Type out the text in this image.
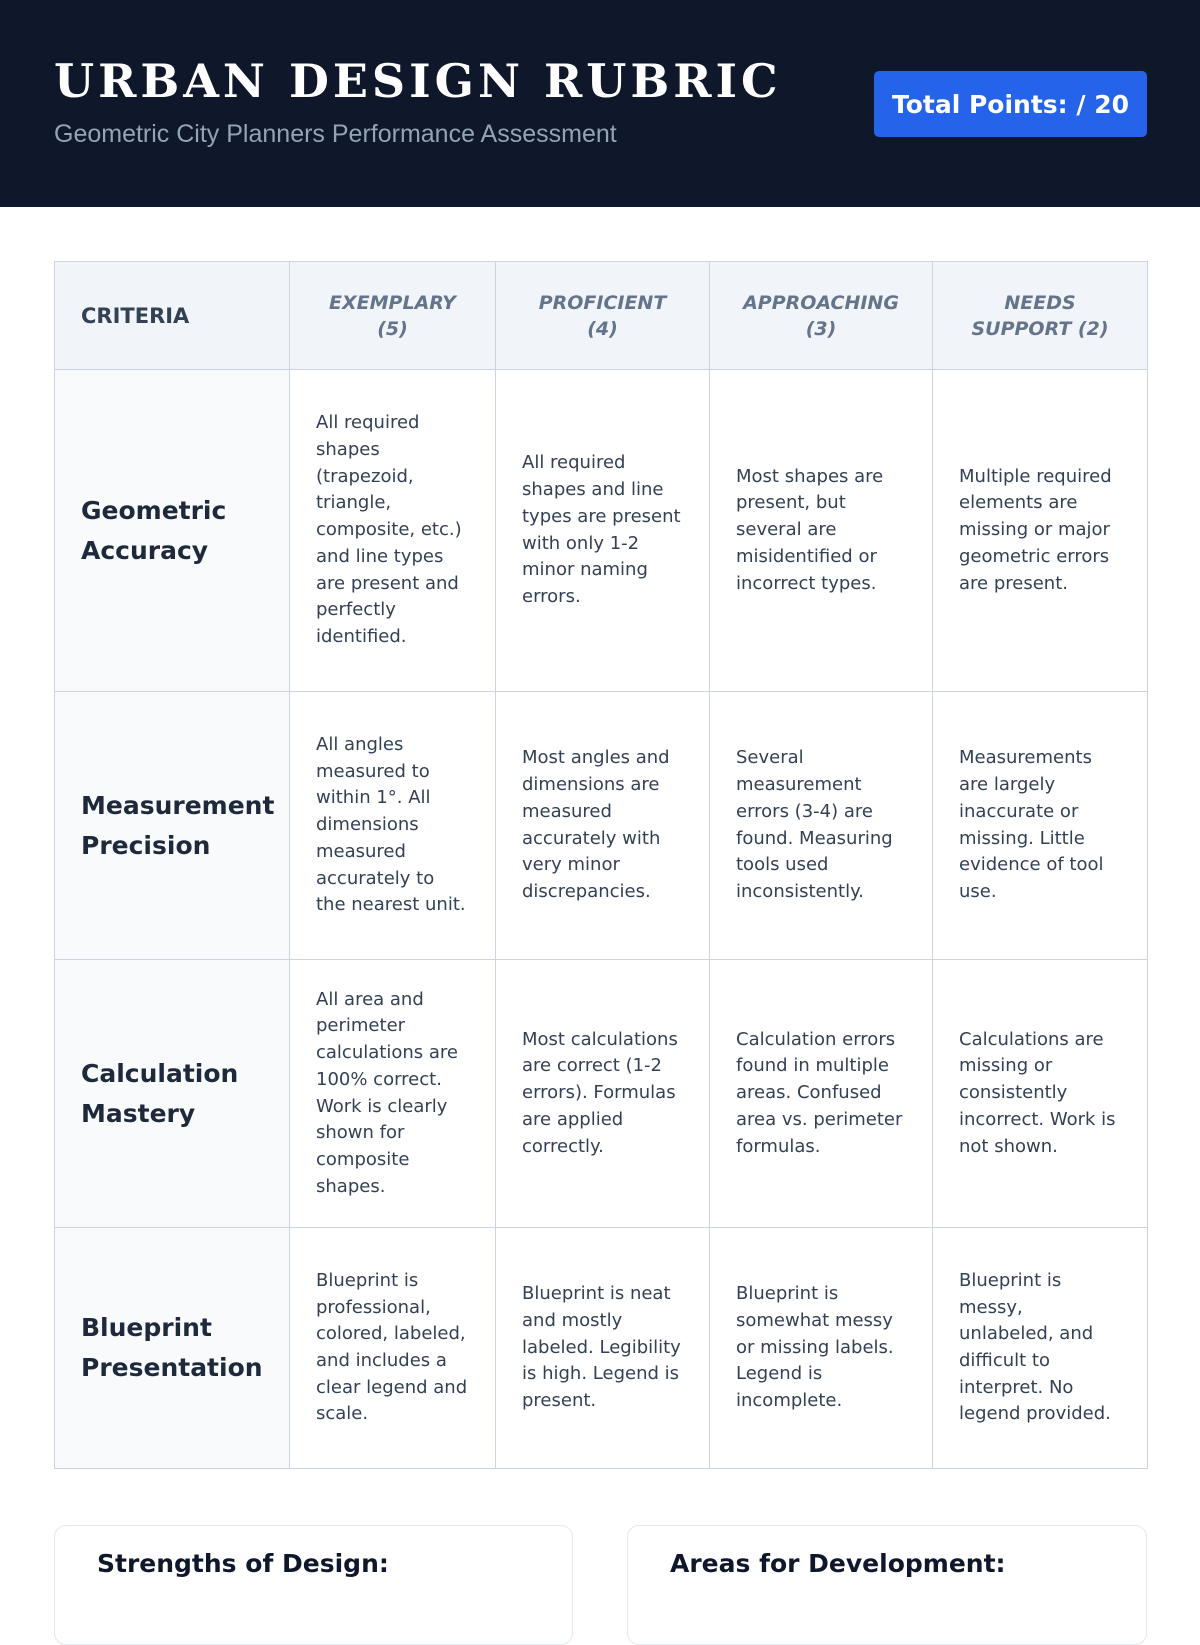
URBAN DESIGN RUBRIC
Geometric City Planners Performance Assessment
Total Points: / 20
CRITERIA	EXEMPLARY (5)	PROFICIENT (4)	APPROACHING (3)	NEEDS SUPPORT (2)
Geometric Accuracy	All required shapes (trapezoid, triangle, composite, etc.) and line types are present and perfectly identified.	All required shapes and line types are present with only 1-2 minor naming errors.	Most shapes are present, but several are misidentified or incorrect types.	Multiple required elements are missing or major geometric errors are present.
Measurement Precision	All angles measured to within 1°. All dimensions measured accurately to the nearest unit.	Most angles and dimensions are measured accurately with very minor discrepancies.	Several measurement errors (3-4) are found. Measuring tools used inconsistently.	Measurements are largely inaccurate or missing. Little evidence of tool use.
Calculation Mastery	All area and perimeter calculations are 100% correct. Work is clearly shown for composite shapes.	Most calculations are correct (1-2 errors). Formulas are applied correctly.	Calculation errors found in multiple areas. Confused area vs. perimeter formulas.	Calculations are missing or consistently incorrect. Work is not shown.
Blueprint Presentation	Blueprint is professional, colored, labeled, and includes a clear legend and scale.	Blueprint is neat and mostly labeled. Legibility is high. Legend is present.	Blueprint is somewhat messy or missing labels. Legend is incomplete.	Blueprint is messy, unlabeled, and difficult to interpret. No legend provided.
Strengths of Design:	Areas for Development:
